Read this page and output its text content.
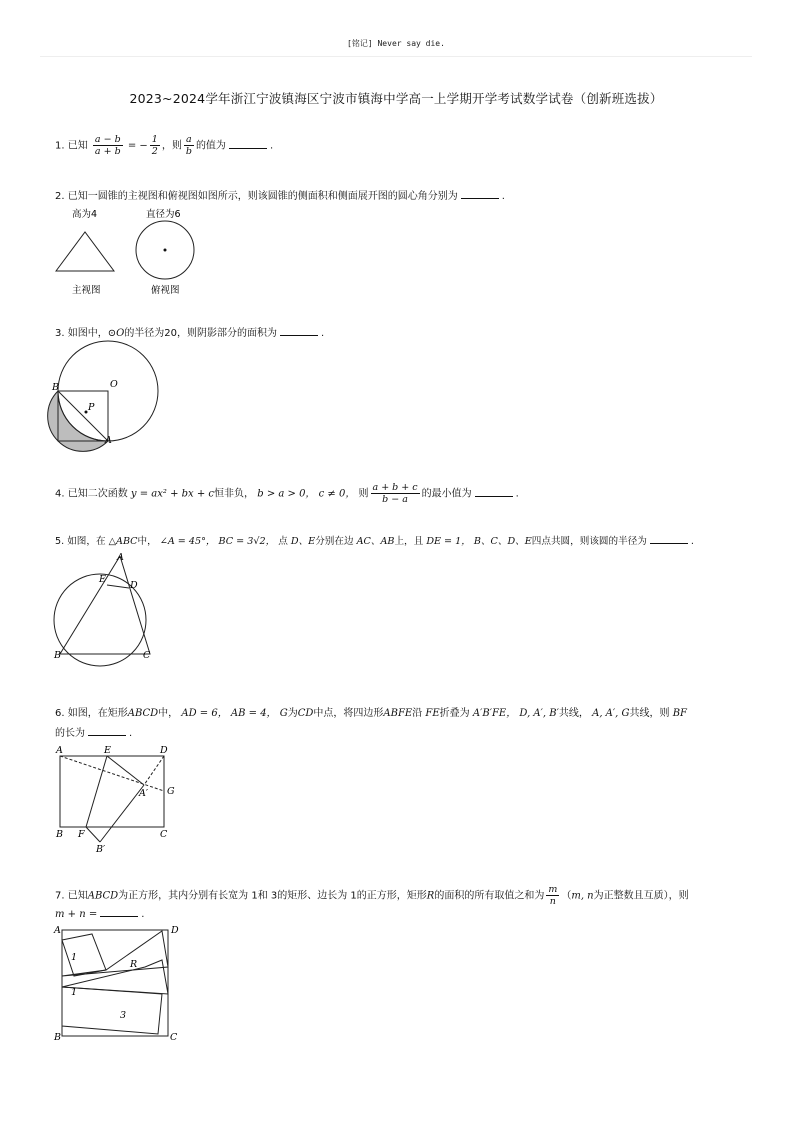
[铭记] Never say die.
2023~2024学年浙江宁波镇海区宁波市镇海中学高一上学期开学考试数学试卷（创新班选拔）
1. 已知 $\frac{a - b}{a + b}$ = − $\frac{1}{2}$ ，则 $\frac{a}{b}$ 的值为	.
2. 已知一圆锥的主视图和俯视图如图所示，则该圆锥的侧面积和侧面展开图的圆心角分别为	.
高为4	直径为6
主视图	俯视图
3. 如图中，⊙O的半径为20，则阴影部分的面积为	.
B	O
P
A
4. 已知二次函数 y = ax² + bx + c恒非负， b > a > 0， c ≠ 0， 则 $\frac{a + b + c}{b - a}$ 的最小值为	.
5. 如图，在 △ABC中， ∠A = 45°， BC = 3√2， 点 D、E分别在边 AC、AB上，且 DE = 1， B、C、D、E四点共圆，则该圆的半径为	.
A
E
D
B	C
6. 如图，在矩形ABCD中， AD = 6， AB = 4， G为CD中点，将四边形ABFE沿 FE折叠为 A′B′FE， D, A′, B′共线， A, A′, G共线，则 BF
的长为	.
A	E	D
A′ G
B F	C
B′
7. 已知ABCD为正方形，其内分别有长宽为 1和 3的矩形、边长为 1的正方形，矩形R的面积的所有取值之和为 $\frac{m}{n} (m$, n为正整数且互质），则
m + n =	.
A	D
1
R
1
3
B	C
